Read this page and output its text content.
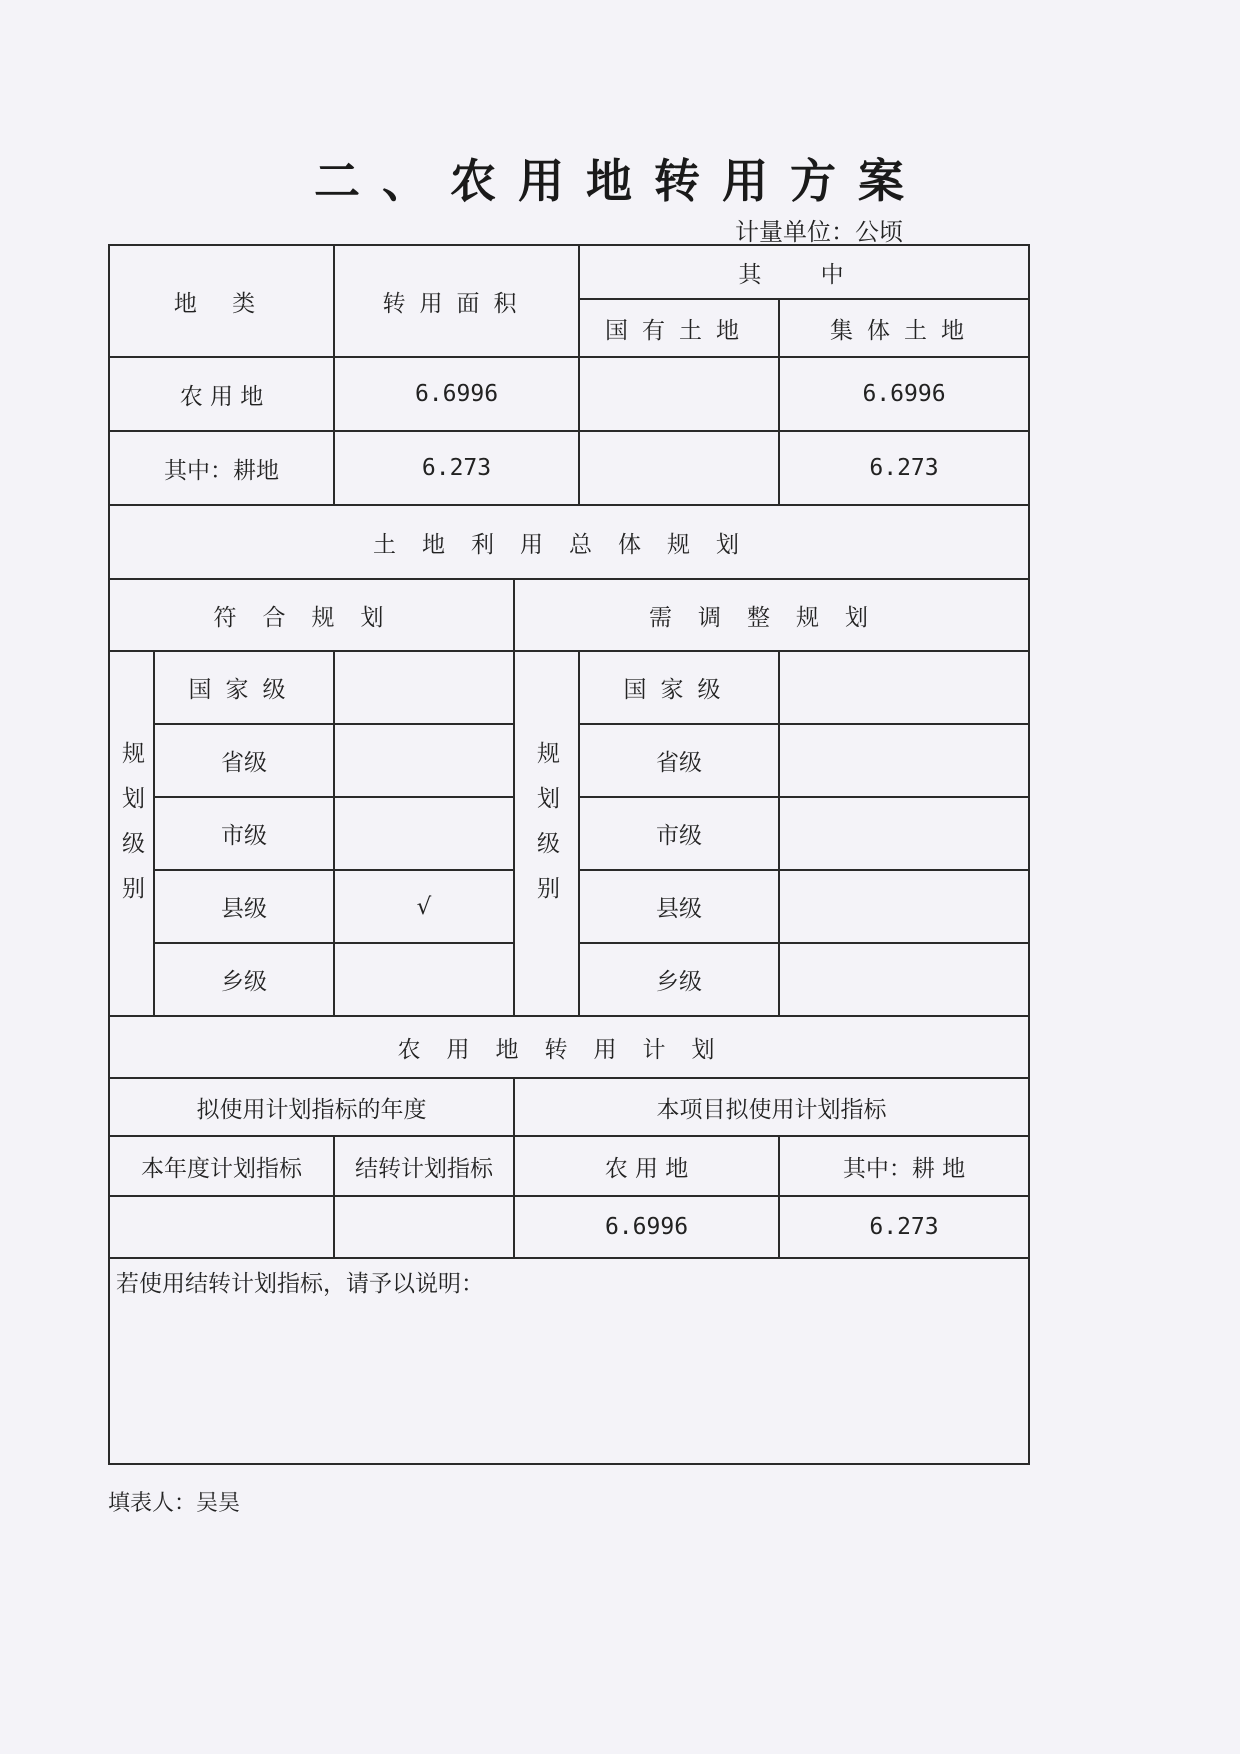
二、农用地转用方案
计量单位：公顷
地 类		转用面积		其 中	
				国有土地	集体土地
农 用 地		6.6996			6.6996
其中：耕地		6.273			6.273
土地利用总体规划					
符合规划			需调整规划		
规划级别	国家级		规划级别	国家级	
	省级			省级	
	市级			市级	
	县级	√		县级	
	乡级			乡级	
农用地转用计划					
拟使用计划指标的年度			本项目拟使用计划指标		
本年度计划指标		结转计划指标	农 用 地		其中：耕 地
			6.6996		6.273
若使用结转计划指标，请予以说明：					
填表人：吴昊
